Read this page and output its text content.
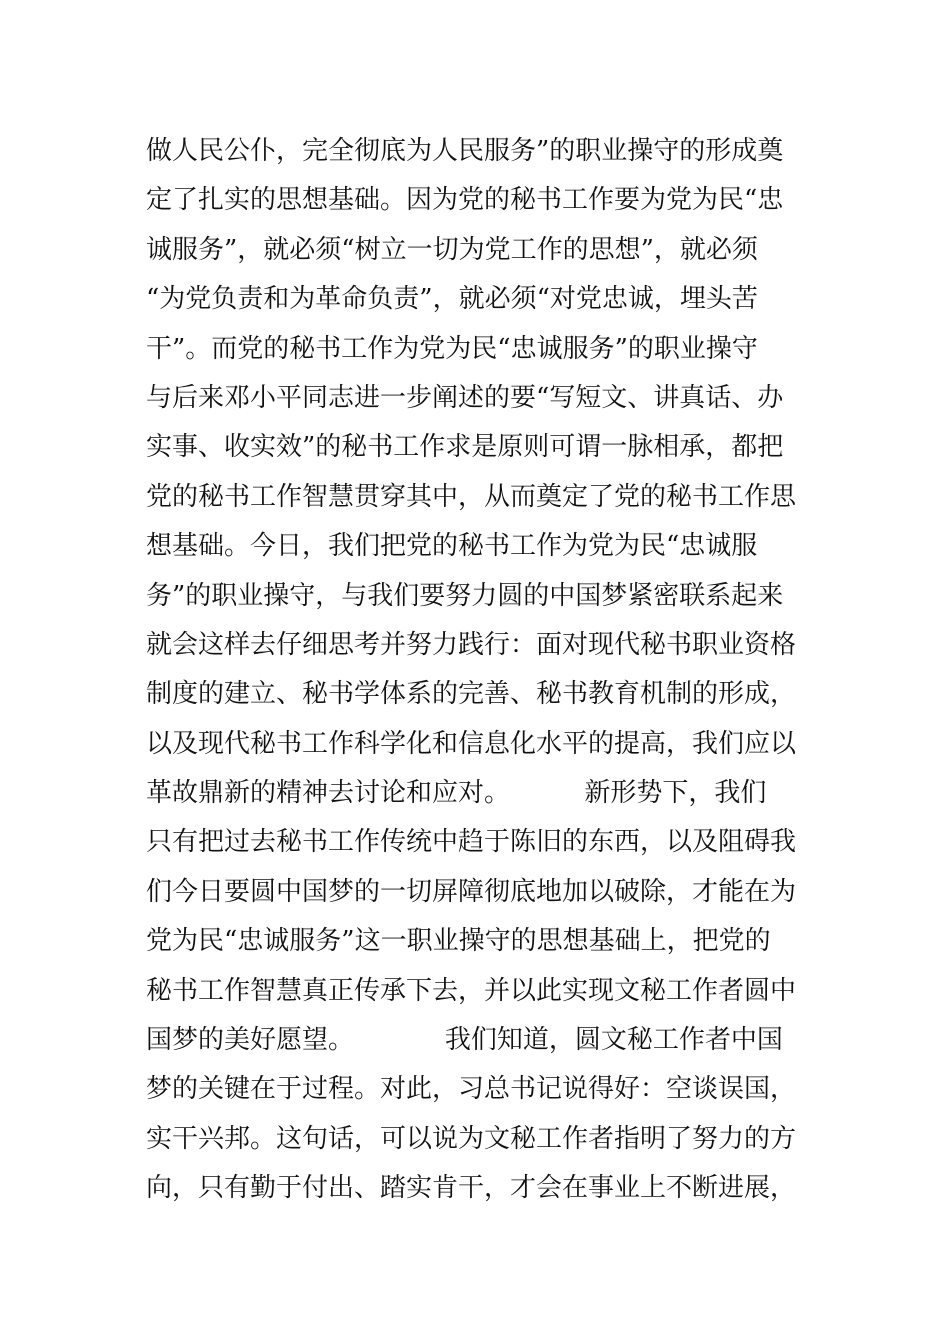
做人民公仆，完全彻底为人民服务”的职业操守的形成奠
定了扎实的思想基础。因为党的秘书工作要为党为民“忠
诚服务”，就必须“树立一切为党工作的思想”，就必须
“为党负责和为革命负责”，就必须“对党忠诚，埋头苦
干”。而党的秘书工作为党为民“忠诚服务”的职业操守
与后来邓小平同志进一步阐述的要“写短文、讲真话、办
实事、收实效”的秘书工作求是原则可谓一脉相承，都把
党的秘书工作智慧贯穿其中，从而奠定了党的秘书工作思
想基础。今日，我们把党的秘书工作为党为民“忠诚服
务”的职业操守，与我们要努力圆的中国梦紧密联系起来
就会这样去仔细思考并努力践行：面对现代秘书职业资格
制度的建立、秘书学体系的完善、秘书教育机制的形成，
以及现代秘书工作科学化和信息化水平的提高，我们应以
革故鼎新的精神去讨论和应对。         新形势下，我们
只有把过去秘书工作传统中趋于陈旧的东西，以及阻碍我
们今日要圆中国梦的一切屏障彻底地加以破除，才能在为
党为民“忠诚服务”这一职业操守的思想基础上，把党的
秘书工作智慧真正传承下去，并以此实现文秘工作者圆中
国梦的美好愿望。           我们知道，圆文秘工作者中国
梦的关键在于过程。对此，习总书记说得好：空谈误国，
实干兴邦。这句话，可以说为文秘工作者指明了努力的方
向，只有勤于付出、踏实肯干，才会在事业上不断进展，
